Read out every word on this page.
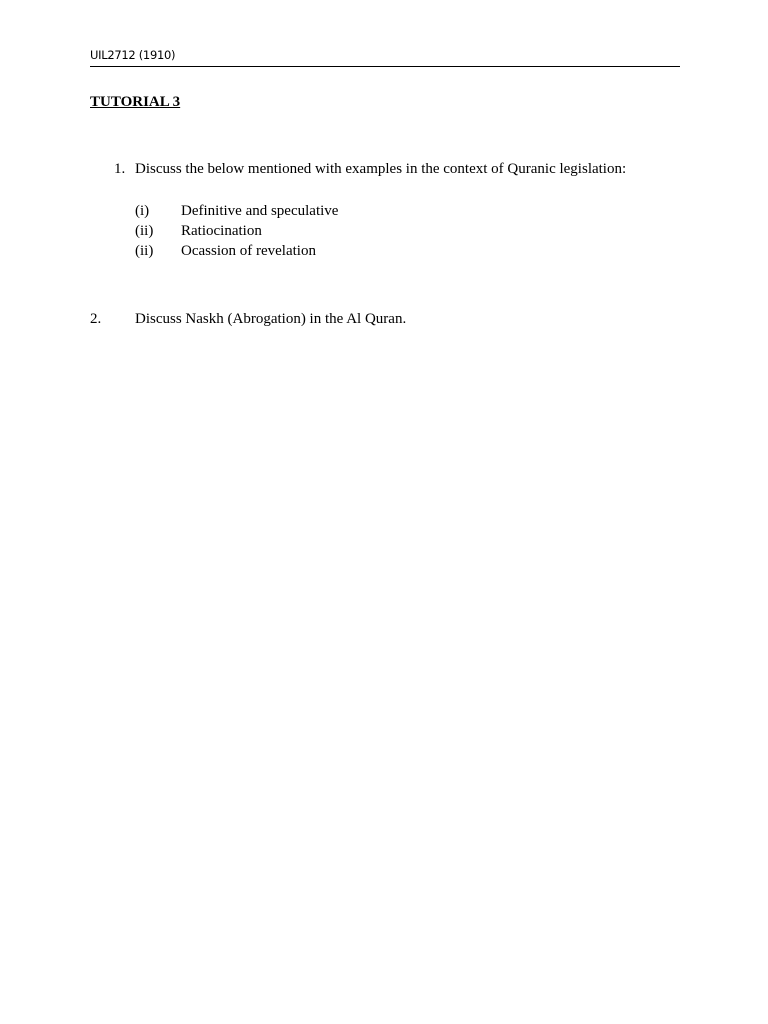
UIL2712 (1910)
TUTORIAL 3
1. Discuss the below mentioned with examples in the context of Quranic legislation:
(i) Definitive and speculative
(ii) Ratiocination
(ii) Ocassion of revelation
2. Discuss Naskh (Abrogation) in the Al Quran.
